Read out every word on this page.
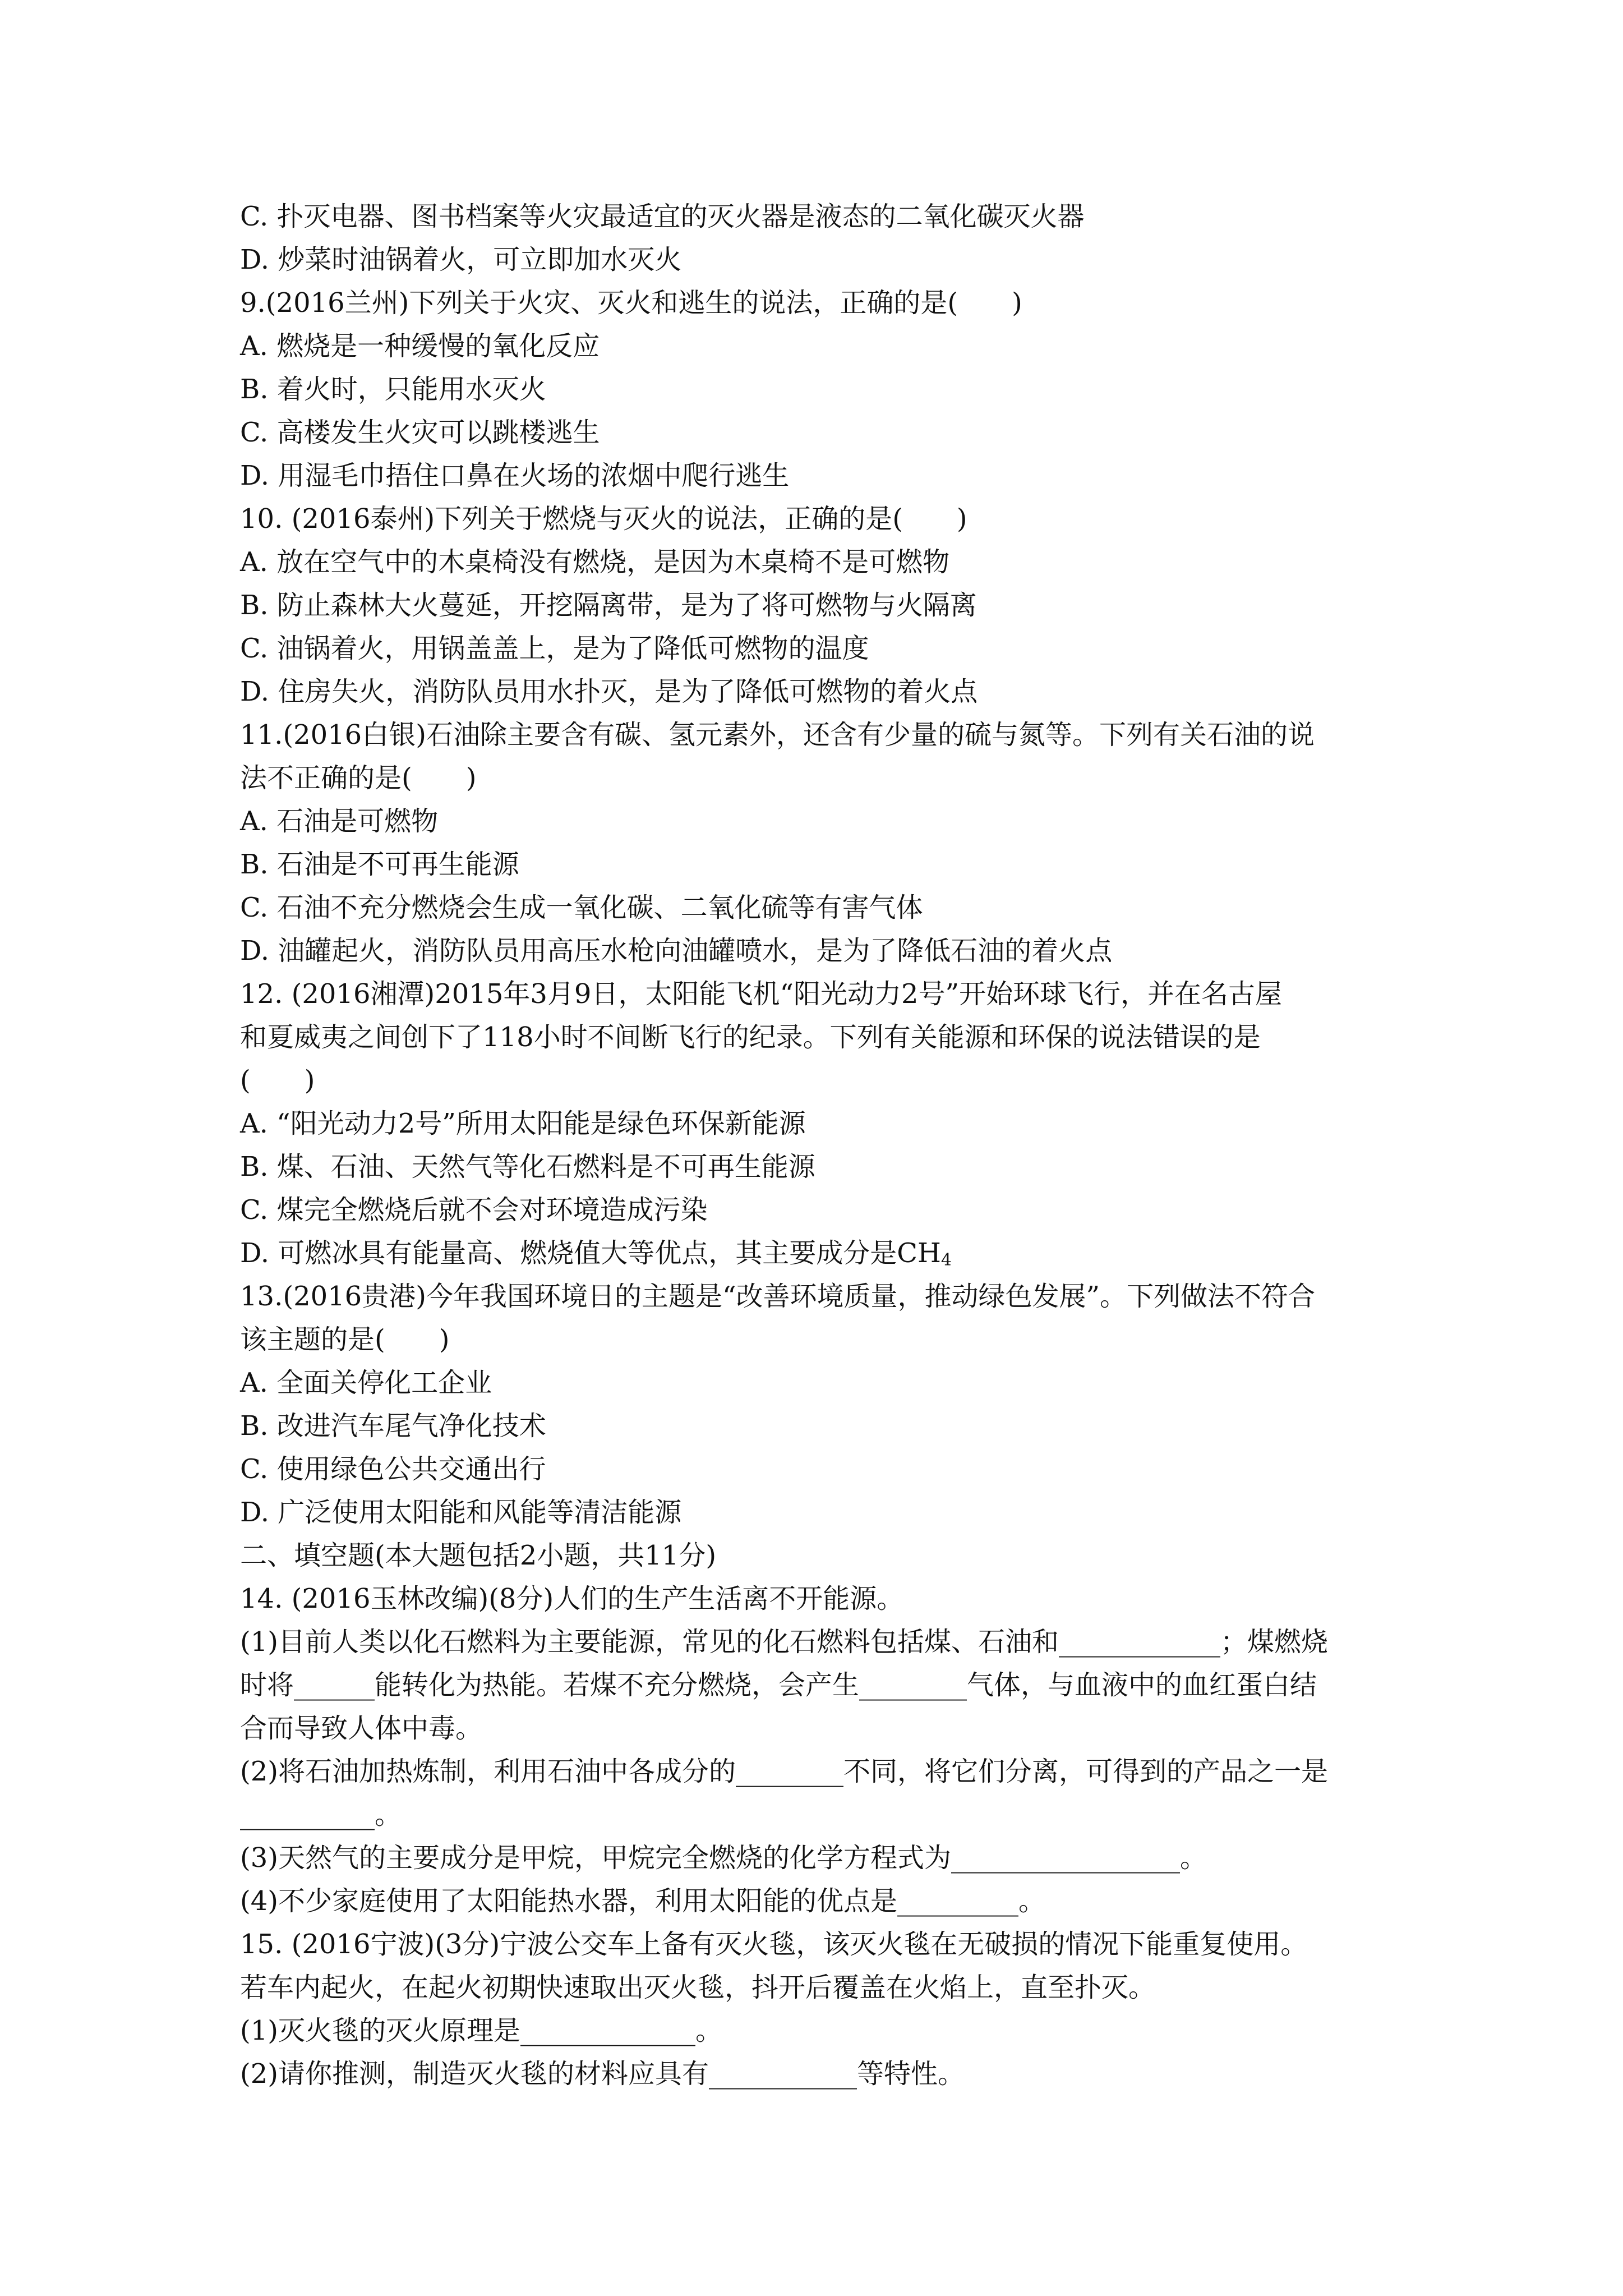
C. 扑灭电器、图书档案等火灾最适宜的灭火器是液态的二氧化碳灭火器
D. 炒菜时油锅着火，可立即加水灭火
9.(2016兰州)下列关于火灾、灭火和逃生的说法，正确的是(　　)
A. 燃烧是一种缓慢的氧化反应
B. 着火时，只能用水灭火
C. 高楼发生火灾可以跳楼逃生
D. 用湿毛巾捂住口鼻在火场的浓烟中爬行逃生
10. (2016泰州)下列关于燃烧与灭火的说法，正确的是(　　)
A. 放在空气中的木桌椅没有燃烧，是因为木桌椅不是可燃物
B. 防止森林大火蔓延，开挖隔离带，是为了将可燃物与火隔离
C. 油锅着火，用锅盖盖上，是为了降低可燃物的温度
D. 住房失火，消防队员用水扑灭，是为了降低可燃物的着火点
11.(2016白银)石油除主要含有碳、氢元素外，还含有少量的硫与氮等。下列有关石油的说
法不正确的是(　　)
A. 石油是可燃物
B. 石油是不可再生能源
C. 石油不充分燃烧会生成一氧化碳、二氧化硫等有害气体
D. 油罐起火，消防队员用高压水枪向油罐喷水，是为了降低石油的着火点
12. (2016湘潭)2015年3月9日，太阳能飞机“阳光动力2号”开始环球飞行，并在名古屋
和夏威夷之间创下了118小时不间断飞行的纪录。下列有关能源和环保的说法错误的是
(　　)
A. “阳光动力2号”所用太阳能是绿色环保新能源
B. 煤、石油、天然气等化石燃料是不可再生能源
C. 煤完全燃烧后就不会对环境造成污染
D. 可燃冰具有能量高、燃烧值大等优点，其主要成分是$CH_4$
13.(2016贵港)今年我国环境日的主题是“改善环境质量，推动绿色发展”。下列做法不符合
该主题的是(　　)
A. 全面关停化工企业
B. 改进汽车尾气净化技术
C. 使用绿色公共交通出行
D. 广泛使用太阳能和风能等清洁能源
二、填空题(本大题包括2小题，共11分)
14. (2016玉林改编)(8分)人们的生产生活离不开能源。
(1)目前人类以化石燃料为主要能源，常见的化石燃料包括煤、石油和____________；煤燃烧
时将______能转化为热能。若煤不充分燃烧，会产生________气体，与血液中的血红蛋白结
合而导致人体中毒。
(2)将石油加热炼制，利用石油中各成分的________不同，将它们分离，可得到的产品之一是
__________。
(3)天然气的主要成分是甲烷，甲烷完全燃烧的化学方程式为_________________。
(4)不少家庭使用了太阳能热水器，利用太阳能的优点是_________。
15. (2016宁波)(3分)宁波公交车上备有灭火毯，该灭火毯在无破损的情况下能重复使用。
若车内起火，在起火初期快速取出灭火毯，抖开后覆盖在火焰上，直至扑灭。
(1)灭火毯的灭火原理是_____________。
(2)请你推测，制造灭火毯的材料应具有___________等特性。
